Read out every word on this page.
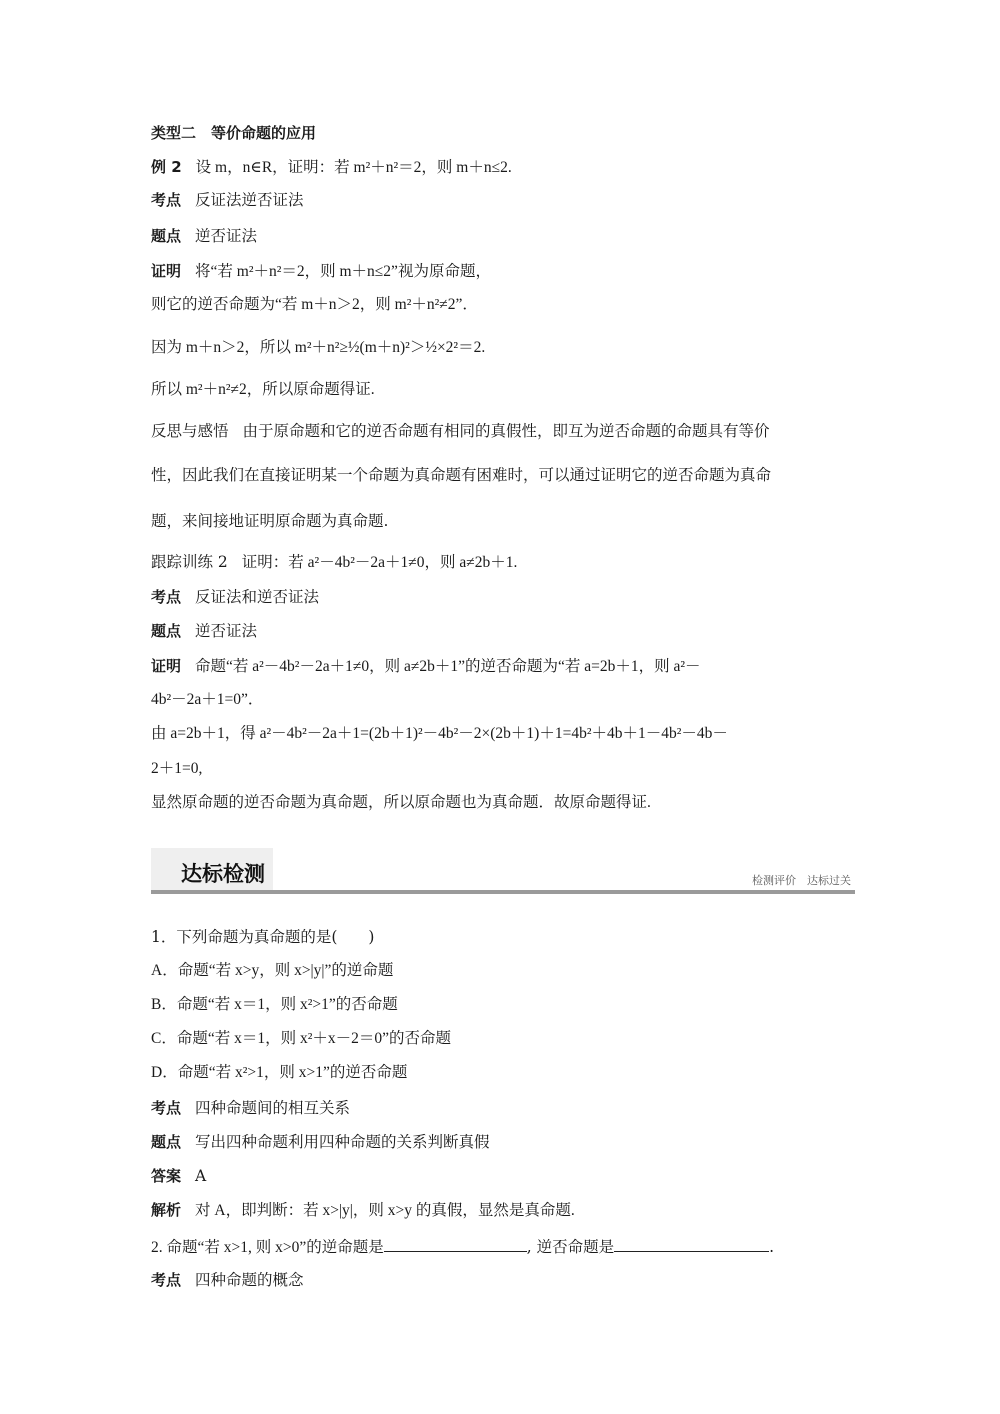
类型二　等价命题的应用
例 2 设 m，n∈R，证明：若 m²＋n²＝2，则 m＋n≤2.
考点 反证法逆否证法
题点 逆否证法
证明 将“若 m²＋n²＝2，则 m＋n≤2”视为原命题，
则它的逆否命题为“若 m＋n＞2，则 m²＋n²≠2”．
因为 m＋n＞2，所以 m²＋n²≥½(m＋n)²＞½×2²＝2.
所以 m²＋n²≠2，所以原命题得证.
反思与感悟 由于原命题和它的逆否命题有相同的真假性，即互为逆否命题的命题具有等价
性，因此我们在直接证明某一个命题为真命题有困难时，可以通过证明它的逆否命题为真命
题，来间接地证明原命题为真命题.
跟踪训练 2 证明：若 a²－4b²－2a＋1≠0，则 a≠2b＋1.
考点 反证法和逆否证法
题点 逆否证法
证明 命题“若 a²－4b²－2a＋1≠0，则 a≠2b＋1”的逆否命题为“若 a=2b＋1，则 a²－
4b²－2a＋1=0”．
由 a=2b＋1，得 a²－4b²－2a＋1=(2b＋1)²－4b²－2×(2b＋1)＋1=4b²＋4b＋1－4b²－4b－
2＋1=0,
显然原命题的逆否命题为真命题，所以原命题也为真命题．故原命题得证.
1．下列命题为真命题的是(　　)
A．命题“若 x>y，则 x>|y|”的逆命题
B．命题“若 x＝1，则 x²>1”的否命题
C．命题“若 x＝1，则 x²＋x－2＝0”的否命题
D．命题“若 x²>1，则 x>1”的逆否命题
考点 四种命题间的相互关系
题点 写出四种命题利用四种命题的关系判断真假
答案 A
解析 对 A，即判断：若 x>|y|，则 x>y 的真假，显然是真命题.
2. 命题“若 x>1, 则 x>0”的逆命题是	, 逆否命题是	.
考点 四种命题的概念
达标检测	检测评价　达标过关
